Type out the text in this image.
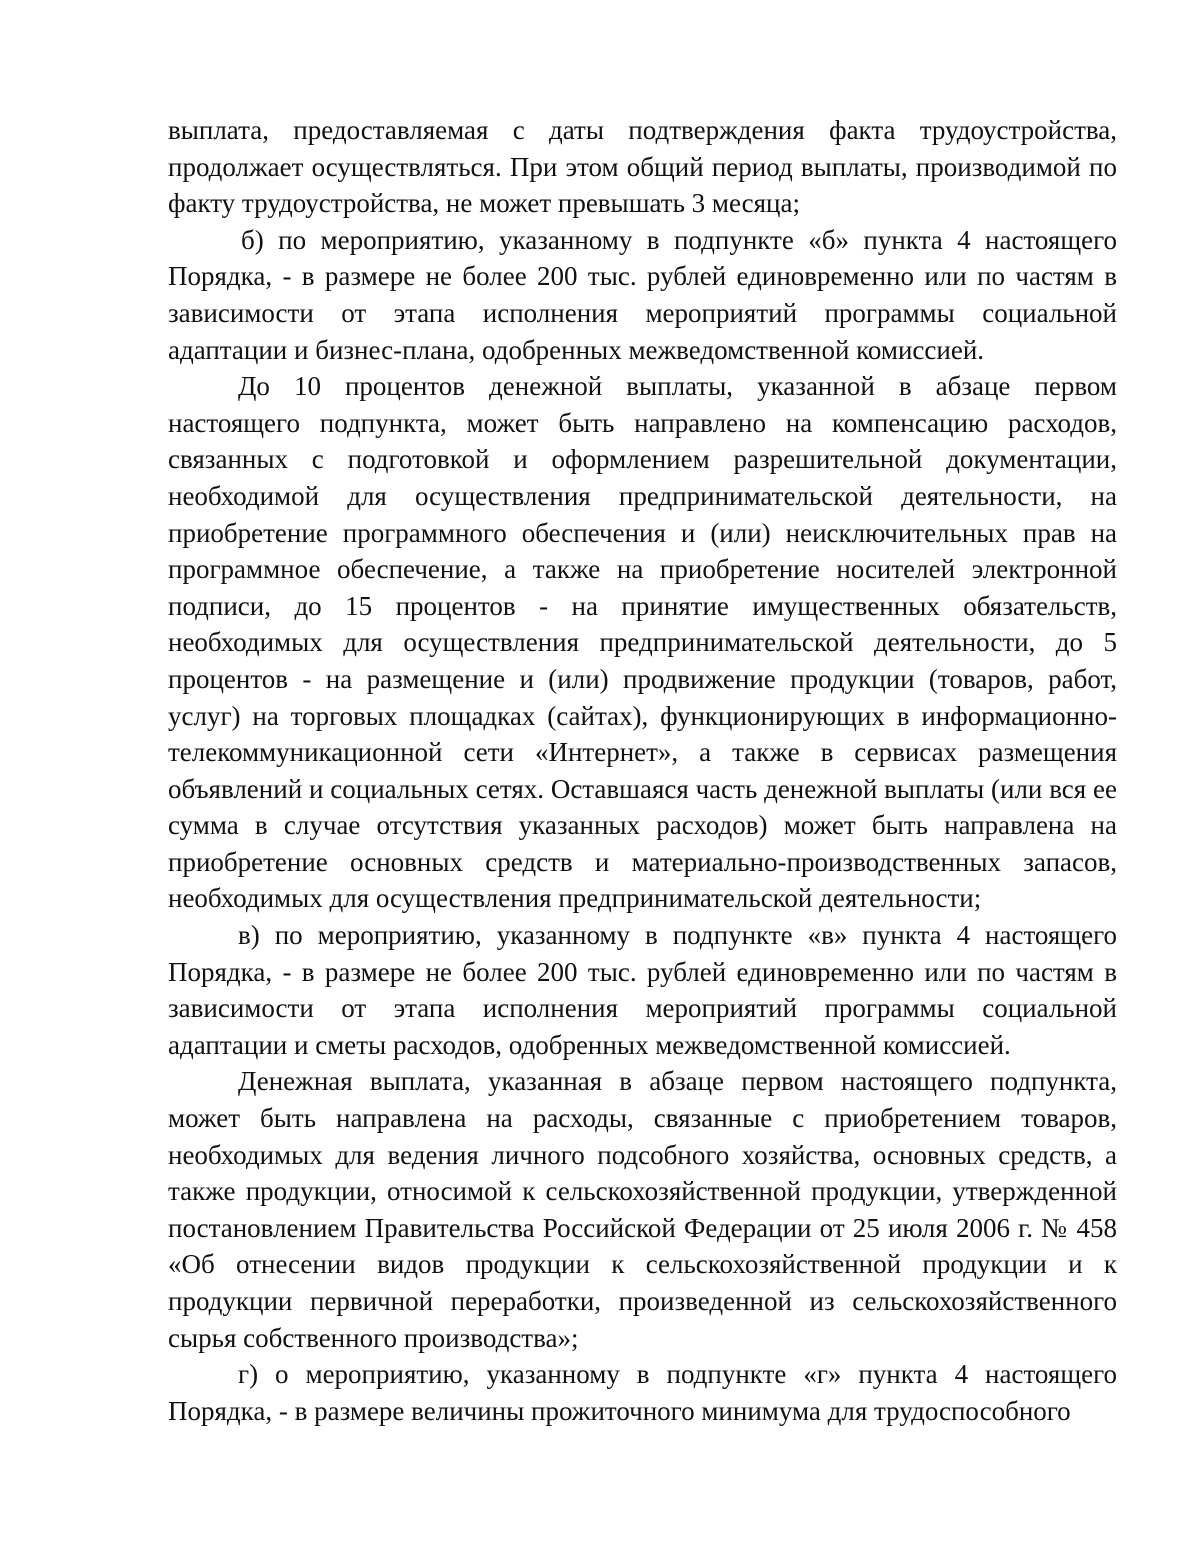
выплата, предоставляемая с даты подтверждения факта трудоустройства, продолжает осуществляться. При этом общий период выплаты, производимой по факту трудоустройства, не может превышать 3 месяца;

б) по мероприятию, указанному в подпункте «б» пункта 4 настоящего Порядка, - в размере не более 200 тыс. рублей единовременно или по частям в зависимости от этапа исполнения мероприятий программы социальной адаптации и бизнес-плана, одобренных межведомственной комиссией.

До 10 процентов денежной выплаты, указанной в абзаце первом настоящего подпункта, может быть направлено на компенсацию расходов, связанных с подготовкой и оформлением разрешительной документации, необходимой для осуществления предпринимательской деятельности, на приобретение программного обеспечения и (или) неисключительных прав на программное обеспечение, а также на приобретение носителей электронной подписи, до 15 процентов - на принятие имущественных обязательств, необходимых для осуществления предпринимательской деятельности, до 5 процентов - на размещение и (или) продвижение продукции (товаров, работ, услуг) на торговых площадках (сайтах), функционирующих в информационно-телекоммуникационной сети «Интернет», а также в сервисах размещения объявлений и социальных сетях. Оставшаяся часть денежной выплаты (или вся ее сумма в случае отсутствия указанных расходов) может быть направлена на приобретение основных средств и материально-производственных запасов, необходимых для осуществления предпринимательской деятельности;

в) по мероприятию, указанному в подпункте «в» пункта 4 настоящего Порядка, - в размере не более 200 тыс. рублей единовременно или по частям в зависимости от этапа исполнения мероприятий программы социальной адаптации и сметы расходов, одобренных межведомственной комиссией.

Денежная выплата, указанная в абзаце первом настоящего подпункта, может быть направлена на расходы, связанные с приобретением товаров, необходимых для ведения личного подсобного хозяйства, основных средств, а также продукции, относимой к сельскохозяйственной продукции, утвержденной постановлением Правительства Российской Федерации от 25 июля 2006 г. № 458 «Об отнесении видов продукции к сельскохозяйственной продукции и к продукции первичной переработки, произведенной из сельскохозяйственного сырья собственного производства»;

г) о мероприятию, указанному в подпункте «г» пункта 4 настоящего Порядка, - в размере величины прожиточного минимума для трудоспособного
